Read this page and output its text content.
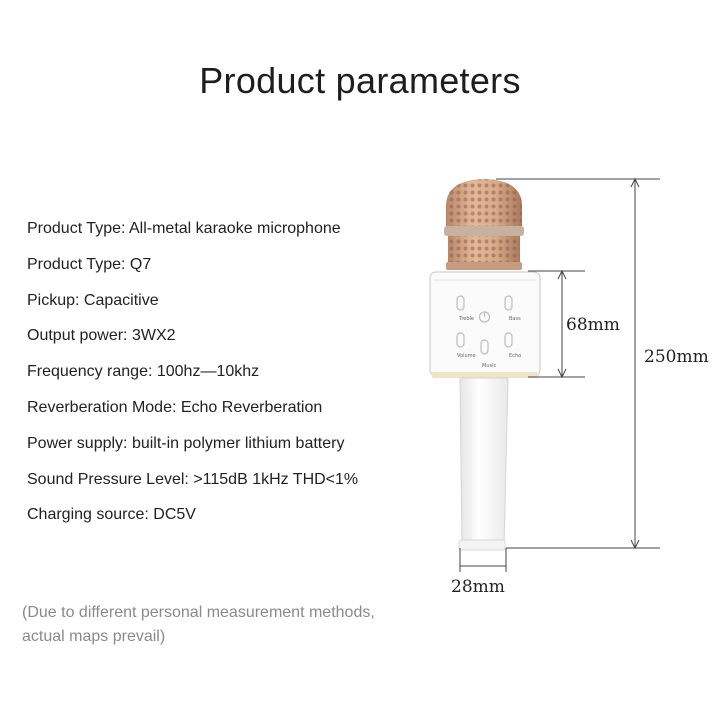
Product parameters
Product Type: All-metal karaoke microphone
Product Type: Q7
Pickup: Capacitive
Output power: 3WX2
Frequency range: 100hz—10khz
Reverberation Mode: Echo Reverberation
Power supply: built-in polymer lithium battery
Sound Pressure Level: >115dB 1kHz THD<1%
Charging source: DC5V
(Due to different personal measurement methods,
actual maps prevail)
Treble	Bass
Volume	Echo
Music
68mm
250mm
28mm
